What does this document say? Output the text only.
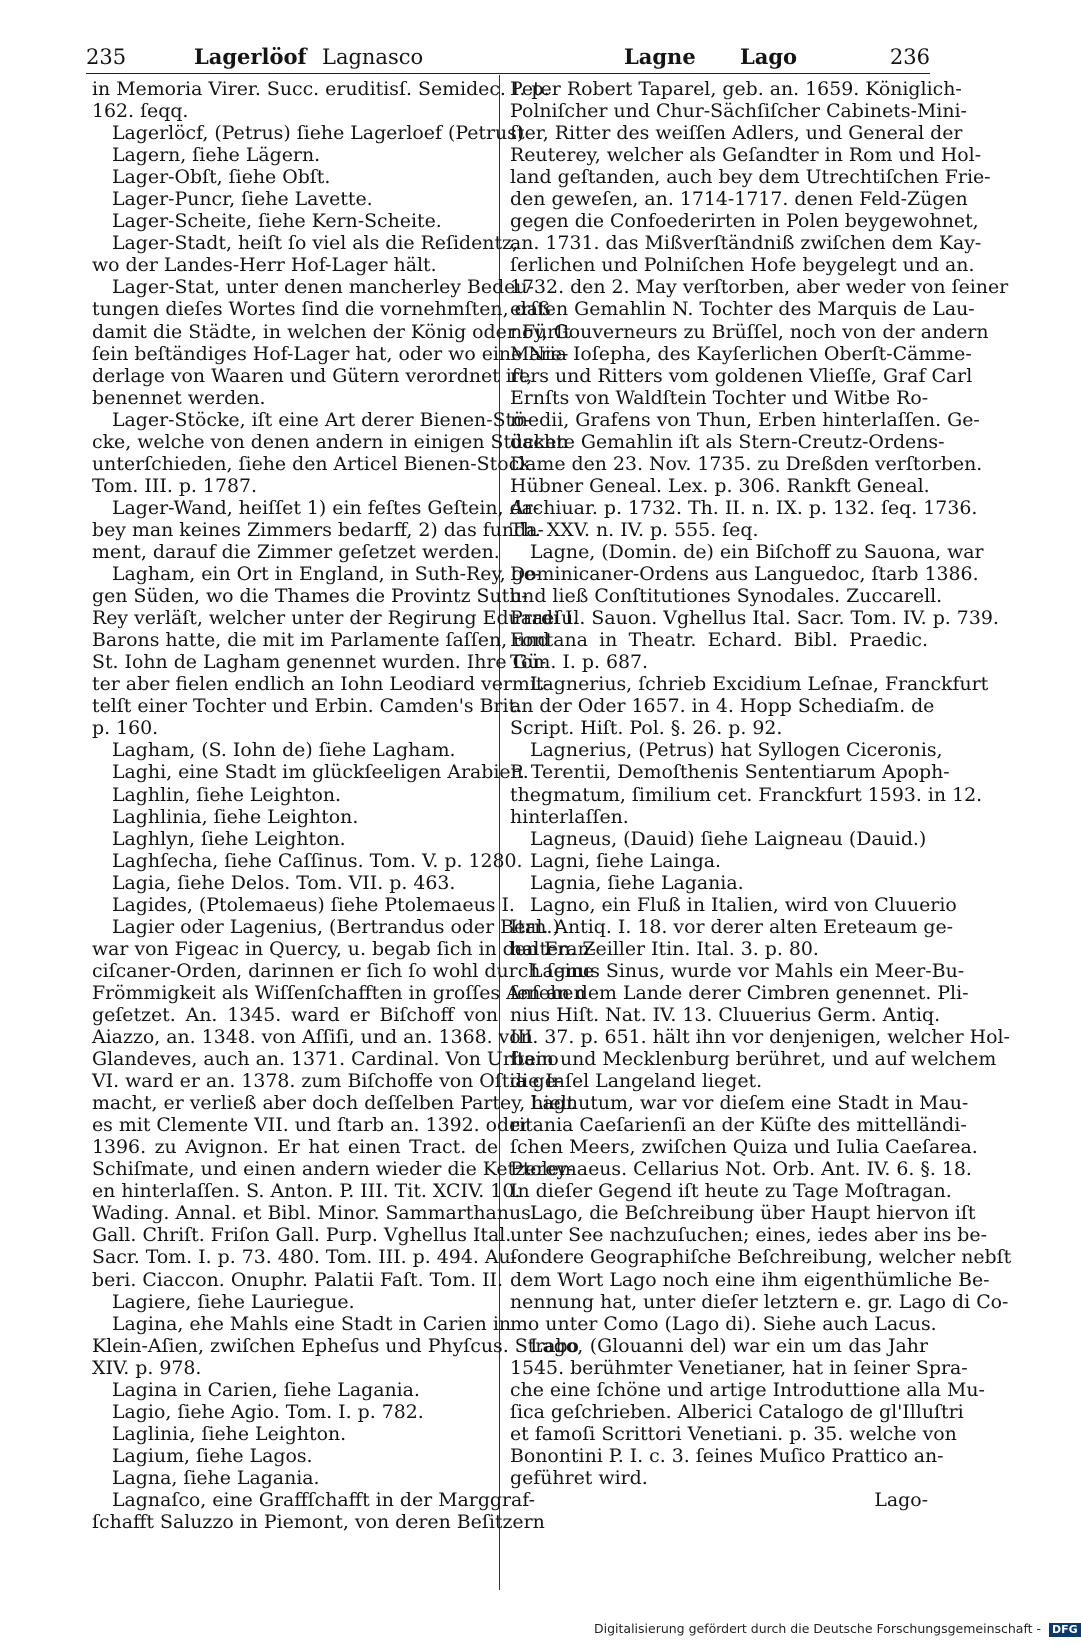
235	Lagerlöof Lagnasco	Lagne Lago	236
in Memoria Virer. Succ. eruditisſ. Semidec. I. p.
162. ſeqq.
Lagerlöcf, (Petrus) ſiehe Lagerloef (Petrus)
Lagern, ſiehe Lägern.
Lager-Obſt, ſiehe Obſt.
Lager-Puncr, ſiehe Lavette.
Lager-Scheite, ſiehe Kern-Scheite.
Lager-Stadt, heiſt ſo viel als die Reſidentz,
wo der Landes-Herr Hof-Lager hält.
Lager-Stat, unter denen mancherley Bedeu-
tungen dieſes Wortes ſind die vornehmſten, daß
damit die Städte, in welchen der König oder Fürſt
ſein beſtändiges Hof-Lager hat, oder wo eine Nie-
derlage von Waaren und Gütern verordnet iſt,
benennet werden.
Lager-Stöcke, iſt eine Art derer Bienen-Stö-
cke, welche von denen andern in einigen Stücken
unterſchieden, ſiehe den Articel Bienen-Stock.
Tom. III. p. 1787.
Lager-Wand, heiſſet 1) ein feſtes Geſtein, da-
bey man keines Zimmers bedarff, 2) das funda-
ment, darauf die Zimmer geſetzet werden.
Lagham, ein Ort in England, in Suth-Rey, ge-
gen Süden, wo die Thames die Provintz Suth-
Rey verläſt, welcher unter der Regirung Eduardi I.
Barons hatte, die mit im Parlamente ſaſſen, und
St. Iohn de Lagham genennet wurden. Ihre Gü-
ter aber fielen endlich an Iohn Leodiard vermit-
telſt einer Tochter und Erbin. Camden's Brit.
p. 160.
Lagham, (S. Iohn de) ſiehe Lagham.
Laghi, eine Stadt im glückſeeligen Arabien.
Laghlin, ſiehe Leighton.
Laghlinia, ſiehe Leighton.
Laghlyn, ſiehe Leighton.
Laghſecha, ſiehe Caſſinus. Tom. V. p. 1280.
Lagia, ſiehe Delos. Tom. VII. p. 463.
Lagides, (Ptolemaeus) ſiehe Ptolemaeus I.
Lagier oder Lagenius, (Bertrandus oder Bern.)
war von Figeac in Quercy, u. begab ſich in den Fran-
ciſcaner-Orden, darinnen er ſich ſo wohl durch ſeine
Frömmigkeit als Wiſſenſchafften in groſſes Anſehen
geſetzet. An. 1345. ward er Biſchoff von
Aiazzo, an. 1348. von Aſſiſi, und an. 1368. von
Glandeves, auch an. 1371. Cardinal. Von Urbano
VI. ward er an. 1378. zum Biſchoffe von Oſtia ge-
macht, er verließ aber doch deſſelben Partey, hielt
es mit Clemente VII. und ſtarb an. 1392. oder
1396. zu Avignon. Er hat einen Tract. de
Schiſmate, und einen andern wieder die Ketzerey-
en hinterlaſſen. S. Anton. P. III. Tit. XCIV. 10.
Wading. Annal. et Bibl. Minor. Sammarthanus
Gall. Chriſt. Friſon Gall. Purp. Vghellus Ital.
Sacr. Tom. I. p. 73. 480. Tom. III. p. 494. Au-
beri. Ciaccon. Onuphr. Palatii Faſt. Tom. II.
Lagiere, ſiehe Lauriegue.
Lagina, ehe Mahls eine Stadt in Carien in
Klein-Aſien, zwiſchen Epheſus und Phyſcus. Strabo
XIV. p. 978.
Lagina in Carien, ſiehe Lagania.
Lagio, ſiehe Agio. Tom. I. p. 782.
Laglinia, ſiehe Leighton.
Lagium, ſiehe Lagos.
Lagna, ſiehe Lagania.
Lagnaſco, eine Graffſchafft in der Marggraf-
ſchafft Saluzzo in Piemont, von deren Beſitzern
Peter Robert Taparel, geb. an. 1659. Königlich-
Polniſcher und Chur-Sächſiſcher Cabinets-Mini-
ſter, Ritter des weiſſen Adlers, und General der
Reuterey, welcher als Geſandter in Rom und Hol-
land geſtanden, auch bey dem Utrechtiſchen Frie-
den geweſen, an. 1714-1717. denen Feld-Zügen
gegen die Confoederirten in Polen beygewohnet,
an. 1731. das Mißverſtändniß zwiſchen dem Kay-
ſerlichen und Polniſchen Hofe beygelegt und an.
1732. den 2. May verſtorben, aber weder von ſeiner
erſten Gemahlin N. Tochter des Marquis de Lau-
noy, Gouverneurs zu Brüſſel, noch von der andern
Maria Ioſepha, des Kayſerlichen Oberſt-Cämme-
rers und Ritters vom goldenen Vlieſſe, Graf Carl
Ernſts von Waldſtein Tochter und Witbe Ro-
medii, Grafens von Thun, Erben hinterlaſſen. Ge-
dachte Gemahlin iſt als Stern-Creutz-Ordens-
Dame den 23. Nov. 1735. zu Dreßden verſtorben.
Hübner Geneal. Lex. p. 306. Rankft Geneal.
Archiuar. p. 1732. Th. II. n. IX. p. 132. ſeq. 1736.
Th. XXV. n. IV. p. 555. ſeq.
Lagne, (Domin. de) ein Biſchoff zu Sauona, war
Dominicaner-Ordens aus Languedoc, ſtarb 1386.
und ließ Conſtitutiones Synodales. Zuccarell.
Praeſul. Sauon. Vghellus Ital. Sacr. Tom. IV. p. 739.
Fontana in Theatr. Echard. Bibl. Praedic.
Tom. I. p. 687.
Lagnerius, ſchrieb Excidium Leſnae, Franckfurt
an der Oder 1657. in 4. Hopp Schediaſm. de
Script. Hiſt. Pol. §. 26. p. 92.
Lagnerius, (Petrus) hat Syllogen Ciceronis,
P. Terentii, Demoſthenis Sententiarum Apoph-
thegmatum, ſimilium cet. Franckfurt 1593. in 12.
hinterlaſſen.
Lagneus, (Dauid) ſiehe Laigneau (Dauid.)
Lagni, ſiehe Lainga.
Lagnia, ſiehe Lagania.
Lagno, ein Fluß in Italien, wird von Cluuerio
Ital. Antiq. I. 18. vor derer alten Ereteaum ge-
halten. Zeiller Itin. Ital. 3. p. 80.
Lagnus Sinus, wurde vor Mahls ein Meer-Bu-
ſen an dem Lande derer Cimbren genennet. Pli-
nius Hiſt. Nat. IV. 13. Cluuerius Germ. Antiq.
III. 37. p. 651. hält ihn vor denjenigen, welcher Hol-
ſtein und Mecklenburg berühret, und auf welchem
die Inſel Langeland lieget.
Lagnutum, war vor dieſem eine Stadt in Mau-
ritania Caeſarienſi an der Küſte des mittelländi-
ſchen Meers, zwiſchen Quiza und Iulia Caeſarea.
Ptolemaeus. Cellarius Not. Orb. Ant. IV. 6. §. 18.
In dieſer Gegend iſt heute zu Tage Moſtragan.
Lago, die Beſchreibung über Haupt hiervon iſt
unter See nachzuſuchen; eines, iedes aber ins be-
ſondere Geographiſche Beſchreibung, welcher nebſt
dem Wort Lago noch eine ihm eigenthümliche Be-
nennung hat, unter dieſer letztern e. gr. Lago di Co-
mo unter Como (Lago di). Siehe auch Lacus.
Lago, (Glouanni del) war ein um das Jahr
1545. berühmter Venetianer, hat in ſeiner Spra-
che eine ſchöne und artige Introduttione alla Mu-
ſica geſchrieben. Alberici Catalogo de gl'Illuſtri
et famoſi Scrittori Venetiani. p. 35. welche von
Bonontini P. I. c. 3. ſeines Muſico Prattico an-
geführet wird.
Lago-
Digitalisierung gefördert durch die Deutsche Forschungsgemeinschaft - DFG
